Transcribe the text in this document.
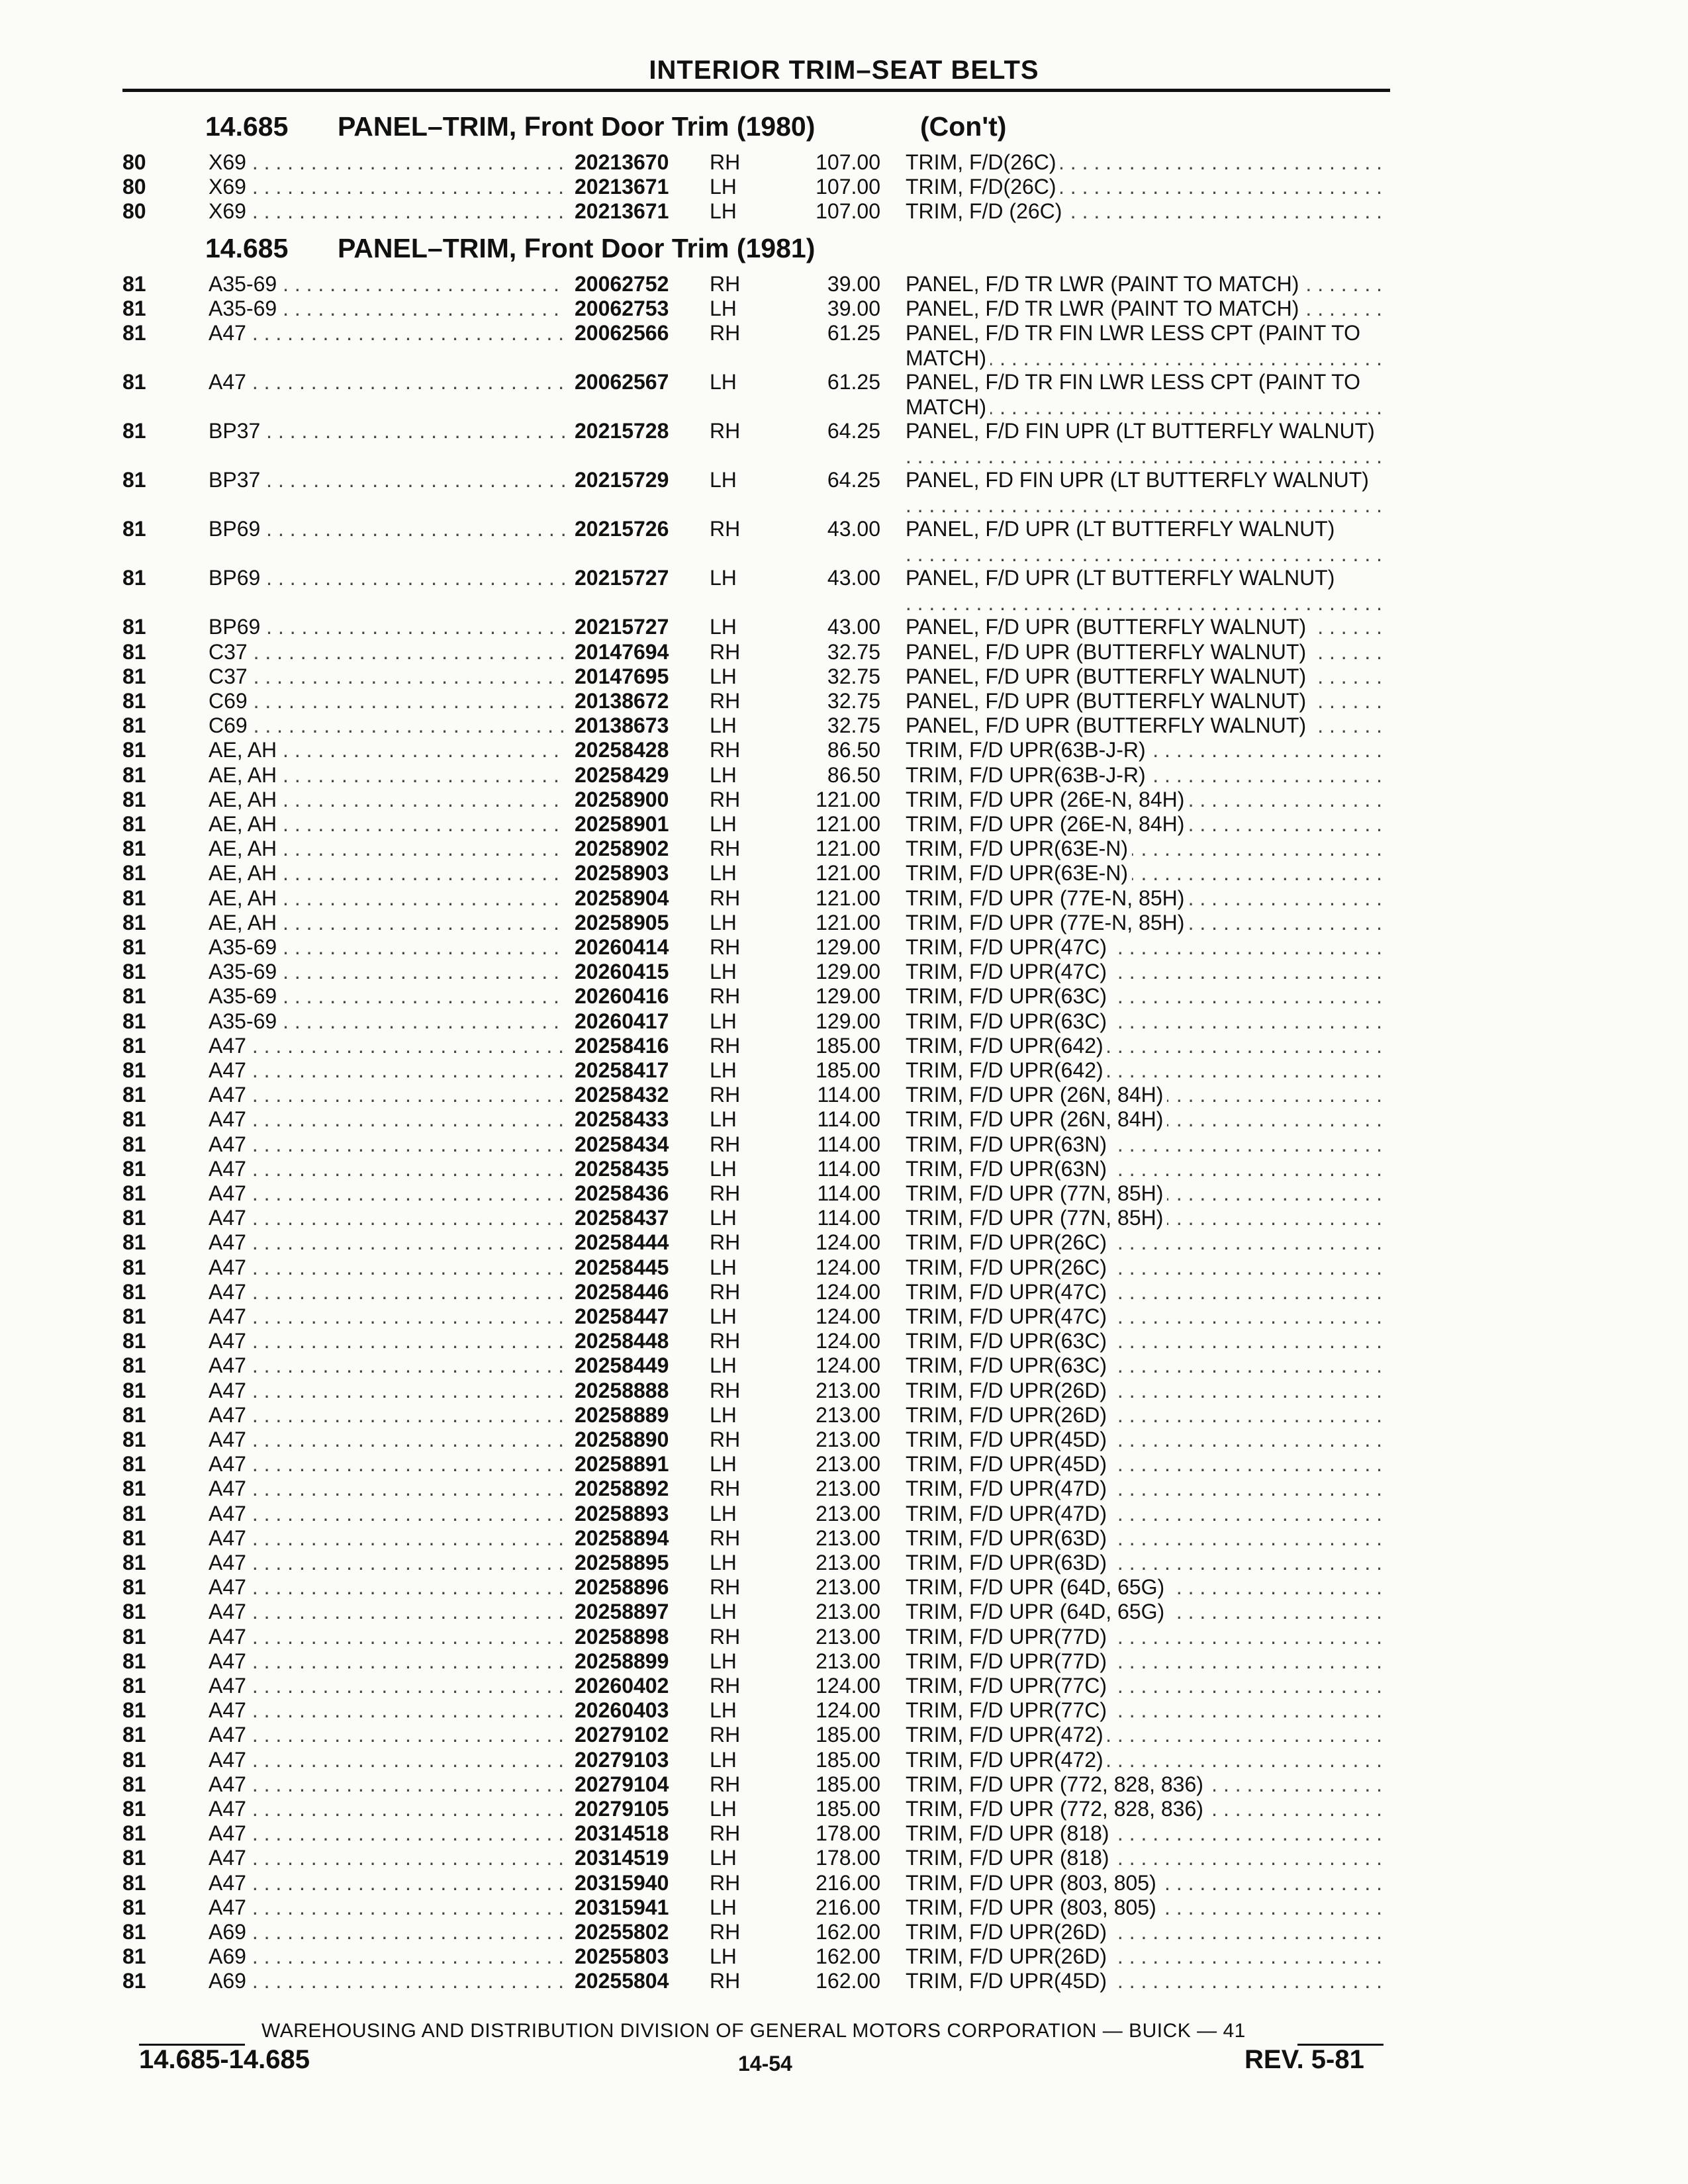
INTERIOR TRIM–SEAT BELTS
14.685 PANEL–TRIM, Front Door Trim (1980)	(Con't)
14.685 PANEL–TRIM, Front Door Trim (1981)
80	X69 . . .	20213670	RH	107.00 TRIM, F/D(26C) . . .
80	X69 . . .	20213671	LH	107.00 TRIM, F/D(26C) . . .
80	X69 . . .	20213671	LH	107.00 TRIM, F/D (26C) . . .
81	A35-69 . . .	20062752	RH	39.00 PANEL, F/D TR LWR (PAINT TO MATCH) . . .
81	A35-69 . . .	20062753	LH	39.00 PANEL, F/D TR LWR (PAINT TO MATCH) . . .
81	A47 . . .	20062566	RH	61.25 PANEL, F/D TR FIN LWR LESS CPT (PAINT TO MATCH) . . .
81	A47 . . .	20062567	LH	61.25 PANEL, F/D TR FIN LWR LESS CPT (PAINT TO MATCH) . . .
81	BP37 . . .	20215728	RH	64.25 PANEL, F/D FIN UPR (LT BUTTERFLY WALNUT) . . .
81	BP37 . . .	20215729	LH	64.25 PANEL, FD FIN UPR (LT BUTTERFLY WALNUT) . . .
81	BP69 . . .	20215726	RH	43.00 PANEL, F/D UPR (LT BUTTERFLY WALNUT) . . .
81	BP69 . . .	20215727	LH	43.00 PANEL, F/D UPR (LT BUTTERFLY WALNUT) . . .
81	BP69 . . .	20215727	LH	43.00 PANEL, F/D UPR (BUTTERFLY WALNUT) . . .
81	C37 . . .	20147694	RH	32.75 PANEL, F/D UPR (BUTTERFLY WALNUT) . . .
81	C37 . . .	20147695	LH	32.75 PANEL, F/D UPR (BUTTERFLY WALNUT) . . .
81	C69 . . .	20138672	RH	32.75 PANEL, F/D UPR (BUTTERFLY WALNUT) . . .
81	C69 . . .	20138673	LH	32.75 PANEL, F/D UPR (BUTTERFLY WALNUT) . . .
81	AE, AH . . .	20258428	RH	86.50 TRIM, F/D UPR(63B-J-R) . . .
81	AE, AH . . .	20258429	LH	86.50 TRIM, F/D UPR(63B-J-R) . . .
81	AE, AH . . .	20258900	RH	121.00 TRIM, F/D UPR (26E-N, 84H) . . .
81	AE, AH . . .	20258901	LH	121.00 TRIM, F/D UPR (26E-N, 84H) . . .
81	AE, AH . . .	20258902	RH	121.00 TRIM, F/D UPR(63E-N) . . .
81	AE, AH . . .	20258903	LH	121.00 TRIM, F/D UPR(63E-N) . . .
81	AE, AH . . .	20258904	RH	121.00 TRIM, F/D UPR (77E-N, 85H) . . .
81	AE, AH . . .	20258905	LH	121.00 TRIM, F/D UPR (77E-N, 85H) . . .
81	A35-69 . . .	20260414	RH	129.00 TRIM, F/D UPR(47C) . . .
81	A35-69 . . .	20260415	LH	129.00 TRIM, F/D UPR(47C) . . .
81	A35-69 . . .	20260416	RH	129.00 TRIM, F/D UPR(63C) . . .
81	A35-69 . . .	20260417	LH	129.00 TRIM, F/D UPR(63C) . . .
81	A47 . . .	20258416	RH	185.00 TRIM, F/D UPR(642) . . .
81	A47 . . .	20258417	LH	185.00 TRIM, F/D UPR(642) . . .
81	A47 . . .	20258432	RH	114.00 TRIM, F/D UPR (26N, 84H) . . .
81	A47 . . .	20258433	LH	114.00 TRIM, F/D UPR (26N, 84H) . . .
81	A47 . . .	20258434	RH	114.00 TRIM, F/D UPR(63N) . . .
81	A47 . . .	20258435	LH	114.00 TRIM, F/D UPR(63N) . . .
81	A47 . . .	20258436	RH	114.00 TRIM, F/D UPR (77N, 85H) . . .
81	A47 . . .	20258437	LH	114.00 TRIM, F/D UPR (77N, 85H) . . .
81	A47 . . .	20258444	RH	124.00 TRIM, F/D UPR(26C) . . .
81	A47 . . .	20258445	LH	124.00 TRIM, F/D UPR(26C) . . .
81	A47 . . .	20258446	RH	124.00 TRIM, F/D UPR(47C) . . .
81	A47 . . .	20258447	LH	124.00 TRIM, F/D UPR(47C) . . .
81	A47 . . .	20258448	RH	124.00 TRIM, F/D UPR(63C) . . .
81	A47 . . .	20258449	LH	124.00 TRIM, F/D UPR(63C) . . .
81	A47 . . .	20258888	RH	213.00 TRIM, F/D UPR(26D) . . .
81	A47 . . .	20258889	LH	213.00 TRIM, F/D UPR(26D) . . .
81	A47 . . .	20258890	RH	213.00 TRIM, F/D UPR(45D) . . .
81	A47 . . .	20258891	LH	213.00 TRIM, F/D UPR(45D) . . .
81	A47 . . .	20258892	RH	213.00 TRIM, F/D UPR(47D) . . .
81	A47 . . .	20258893	LH	213.00 TRIM, F/D UPR(47D) . . .
81	A47 . . .	20258894	RH	213.00 TRIM, F/D UPR(63D) . . .
81	A47 . . .	20258895	LH	213.00 TRIM, F/D UPR(63D) . . .
81	A47 . . .	20258896	RH	213.00 TRIM, F/D UPR (64D, 65G) . . .
81	A47 . . .	20258897	LH	213.00 TRIM, F/D UPR (64D, 65G) . . .
81	A47 . . .	20258898	RH	213.00 TRIM, F/D UPR(77D) . . .
81	A47 . . .	20258899	LH	213.00 TRIM, F/D UPR(77D) . . .
81	A47 . . .	20260402	RH	124.00 TRIM, F/D UPR(77C) . . .
81	A47 . . .	20260403	LH	124.00 TRIM, F/D UPR(77C) . . .
81	A47 . . .	20279102	RH	185.00 TRIM, F/D UPR(472) . . .
81	A47 . . .	20279103	LH	185.00 TRIM, F/D UPR(472) . . .
81	A47 . . .	20279104	RH	185.00 TRIM, F/D UPR (772, 828, 836) . . .
81	A47 . . .	20279105	LH	185.00 TRIM, F/D UPR (772, 828, 836) . . .
81	A47 . . .	20314518	RH	178.00 TRIM, F/D UPR (818) . . .
81	A47 . . .	20314519	LH	178.00 TRIM, F/D UPR (818) . . .
81	A47 . . .	20315940	RH	216.00 TRIM, F/D UPR (803, 805) . . .
81	A47 . . .	20315941	LH	216.00 TRIM, F/D UPR (803, 805) . . .
81	A69 . . .	20255802	RH	162.00 TRIM, F/D UPR(26D) . . .
81	A69 . . .	20255803	LH	162.00 TRIM, F/D UPR(26D) . . .
81	A69 . . .	20255804	RH	162.00 TRIM, F/D UPR(45D) . . .
WAREHOUSING AND DISTRIBUTION DIVISION OF GENERAL MOTORS CORPORATION — BUICK — 41
14.685-14.685	14-54	REV. 5-81
